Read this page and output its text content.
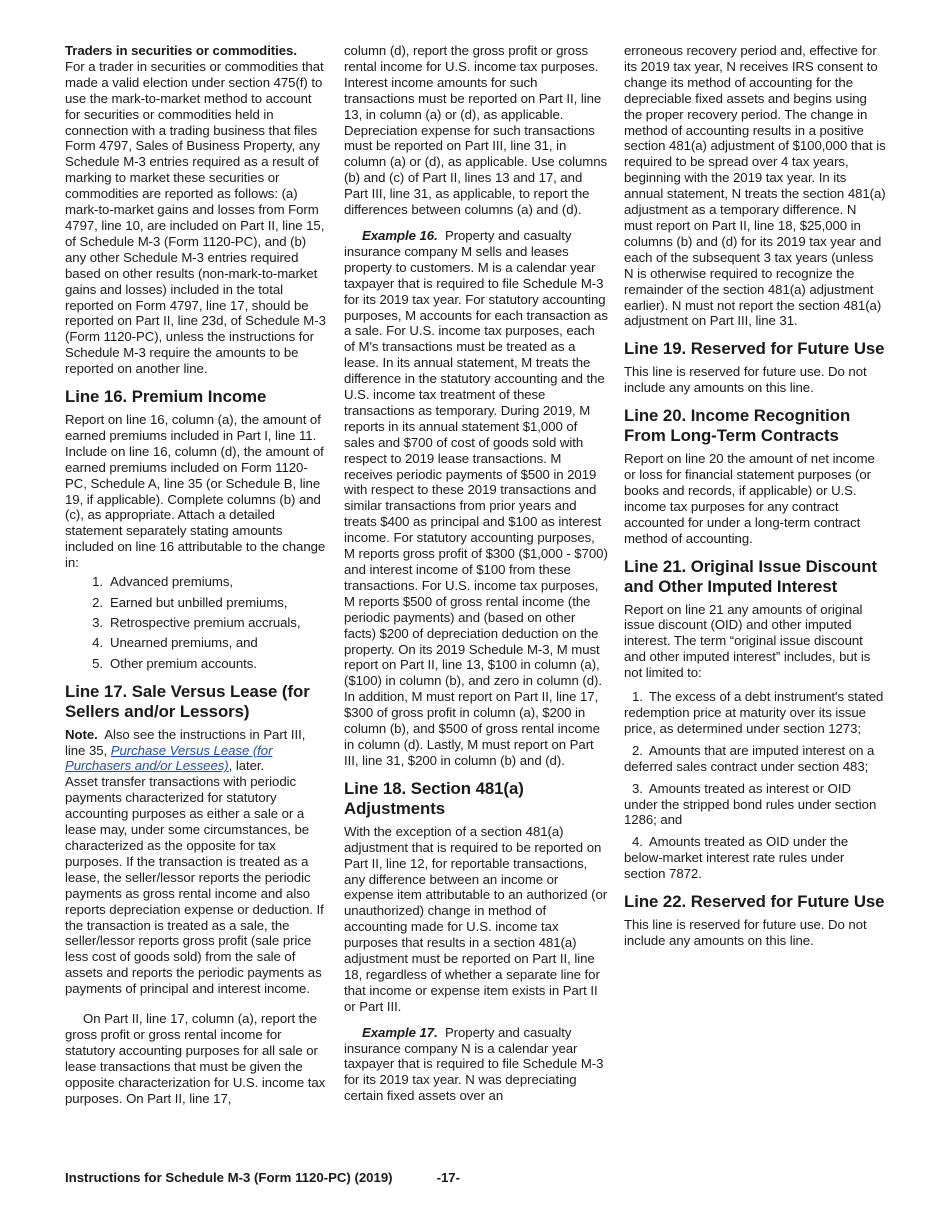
Traders in securities or commodities.
For a trader in securities or commodities that made a valid election under section 475(f) to use the mark-to-market method to account for securities or commodities held in connection with a trading business that files Form 4797, Sales of Business Property, any Schedule M-3 entries required as a result of marking to market these securities or commodities are reported as follows: (a) mark-to-market gains and losses from Form 4797, line 10, are included on Part II, line 15, of Schedule M-3 (Form 1120-PC), and (b) any other Schedule M-3 entries required based on other results (non-mark-to-market gains and losses) included in the total reported on Form 4797, line 17, should be reported on Part II, line 23d, of Schedule M-3 (Form 1120-PC), unless the instructions for Schedule M-3 require the amounts to be reported on another line.

Line 16. Premium Income

Report on line 16, column (a), the amount of earned premiums included in Part I, line 11. Include on line 16, column (d), the amount of earned premiums included on Form 1120-PC, Schedule A, line 35 (or Schedule B, line 19, if applicable). Complete columns (b) and (c), as appropriate. Attach a detailed statement separately stating amounts included on line 16 attributable to the change in:

1. Advanced premiums,
2. Earned but unbilled premiums,
3. Retrospective premium accruals,
4. Unearned premiums, and
5. Other premium accounts.
Line 17. Sale Versus Lease (for Sellers and/or Lessors)

Note. Also see the instructions in Part III, line 35, Purchase Versus Lease (for Purchasers and/or Lessees), later.

Asset transfer transactions with periodic payments characterized for statutory accounting purposes as either a sale or a lease may, under some circumstances, be characterized as the opposite for tax purposes. If the transaction is treated as a lease, the seller/lessor reports the periodic payments as gross rental income and also reports depreciation expense or deduction. If the transaction is treated as a sale, the seller/lessor reports gross profit (sale price less cost of goods sold) from the sale of assets and reports the periodic payments as payments of principal and interest income.

On Part II, line 17, column (a), report the gross profit or gross rental income for statutory accounting purposes for all sale or lease transactions that must be given the opposite characterization for U.S. income tax purposes. On Part II, line 17,

column (d), report the gross profit or gross rental income for U.S. income tax purposes. Interest income amounts for such transactions must be reported on Part II, line 13, in column (a) or (d), as applicable. Depreciation expense for such transactions must be reported on Part III, line 31, in column (a) or (d), as applicable. Use columns (b) and (c) of Part II, lines 13 and 17, and Part III, line 31, as applicable, to report the differences between columns (a) and (d).

Example 16. Property and casualty insurance company M sells and leases property to customers. M is a calendar year taxpayer that is required to file Schedule M-3 for its 2019 tax year. For statutory accounting purposes, M accounts for each transaction as a sale. For U.S. income tax purposes, each of M's transactions must be treated as a lease. In its annual statement, M treats the difference in the statutory accounting and the U.S. income tax treatment of these transactions as temporary. During 2019, M reports in its annual statement $1,000 of sales and $700 of cost of goods sold with respect to 2019 lease transactions. M receives periodic payments of $500 in 2019 with respect to these 2019 transactions and similar transactions from prior years and treats $400 as principal and $100 as interest income. For statutory accounting purposes, M reports gross profit of $300 ($1,000 - $700) and interest income of $100 from these transactions. For U.S. income tax purposes, M reports $500 of gross rental income (the periodic payments) and (based on other facts) $200 of depreciation deduction on the property. On its 2019 Schedule M-3, M must report on Part II, line 13, $100 in column (a), ($100) in column (b), and zero in column (d). In addition, M must report on Part II, line 17, $300 of gross profit in column (a), $200 in column (b), and $500 of gross rental income in column (d). Lastly, M must report on Part III, line 31, $200 in column (b) and (d).

Line 18. Section 481(a) Adjustments

With the exception of a section 481(a) adjustment that is required to be reported on Part II, line 12, for reportable transactions, any difference between an income or expense item attributable to an authorized (or unauthorized) change in method of accounting made for U.S. income tax purposes that results in a section 481(a) adjustment must be reported on Part II, line 18, regardless of whether a separate line for that income or expense item exists in Part II or Part III.

Example 17. Property and casualty insurance company N is a calendar year taxpayer that is required to file Schedule M-3 for its 2019 tax year. N was depreciating certain fixed assets over an

erroneous recovery period and, effective for its 2019 tax year, N receives IRS consent to change its method of accounting for the depreciable fixed assets and begins using the proper recovery period. The change in method of accounting results in a positive section 481(a) adjustment of $100,000 that is required to be spread over 4 tax years, beginning with the 2019 tax year. In its annual statement, N treats the section 481(a) adjustment as a temporary difference. N must report on Part II, line 18, $25,000 in columns (b) and (d) for its 2019 tax year and each of the subsequent 3 tax years (unless N is otherwise required to recognize the remainder of the section 481(a) adjustment earlier). N must not report the section 481(a) adjustment on Part III, line 31.

Line 19. Reserved for Future Use

This line is reserved for future use. Do not include any amounts on this line.

Line 20. Income Recognition From Long-Term Contracts

Report on line 20 the amount of net income or loss for financial statement purposes (or books and records, if applicable) or U.S. income tax purposes for any contract accounted for under a long-term contract method of accounting.

Line 21. Original Issue Discount and Other Imputed Interest

Report on line 21 any amounts of original issue discount (OID) and other imputed interest. The term “original issue discount and other imputed interest” includes, but is not limited to:

1. The excess of a debt instrument's stated redemption price at maturity over its issue price, as determined under section 1273;

2. Amounts that are imputed interest on a deferred sales contract under section 483;

3. Amounts treated as interest or OID under the stripped bond rules under section 1286; and

4. Amounts treated as OID under the below-market interest rate rules under section 7872.

Line 22. Reserved for Future Use

This line is reserved for future use. Do not include any amounts on this line.

Instructions for Schedule M-3 (Form 1120-PC) (2019)	-17-
